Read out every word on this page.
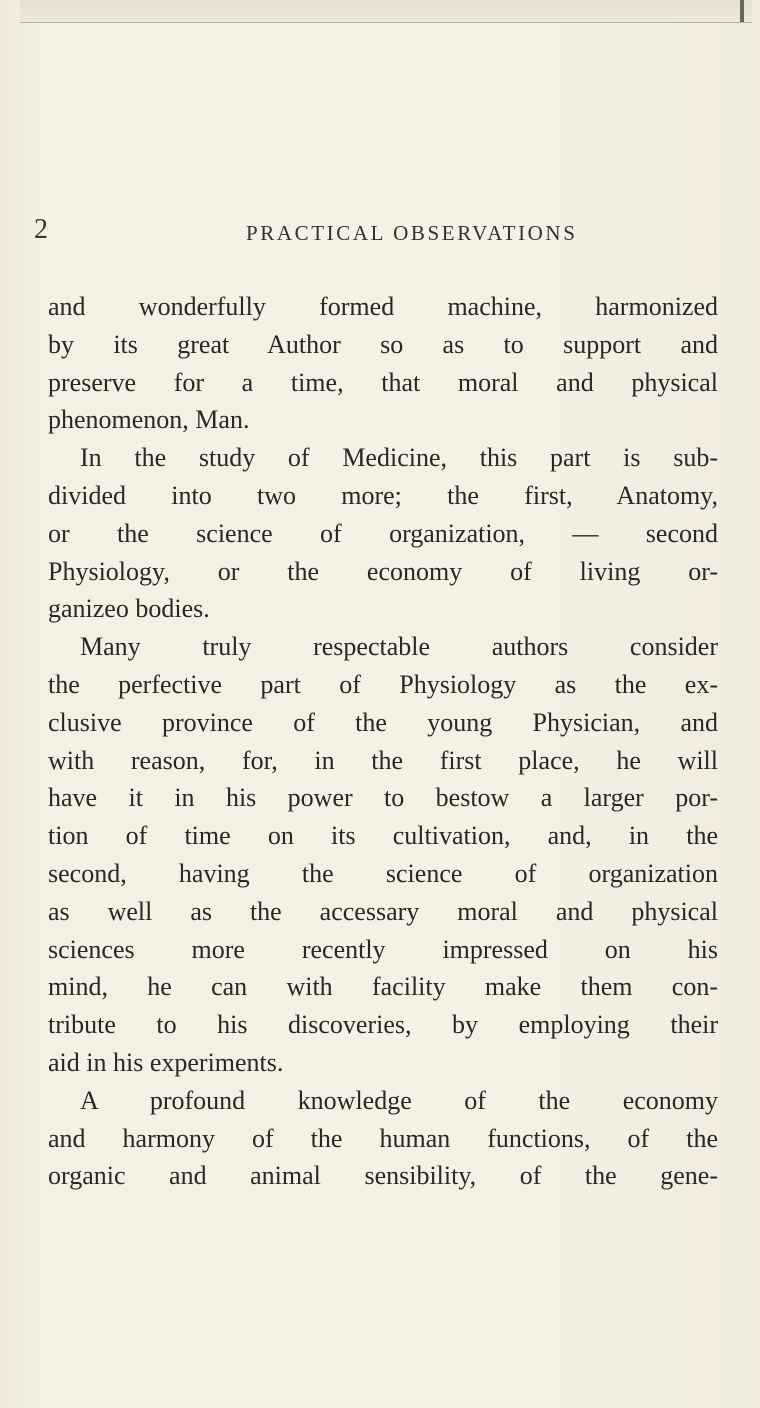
2	PRACTICAL OBSERVATIONS
and wonderfully formed machine, harmonized
by its great Author so as to support and
preserve for a time, that moral and physical
phenomenon, Man.
In the study of Medicine, this part is sub-
divided into two more; the first, Anatomy,
or the science of organization, — second
Physiology, or the economy of living or-
ganizeo bodies.
Many truly respectable authors consider
the perfective part of Physiology as the ex-
clusive province of the young Physician, and
with reason, for, in the first place, he will
have it in his power to bestow a larger por-
tion of time on its cultivation, and, in the
second, having the science of organization
as well as the accessary moral and physical
sciences more recently impressed on his
mind, he can with facility make them con-
tribute to his discoveries, by employing their
aid in his experiments.
A profound knowledge of the economy
and harmony of the human functions, of the
organic and animal sensibility, of the gene-
